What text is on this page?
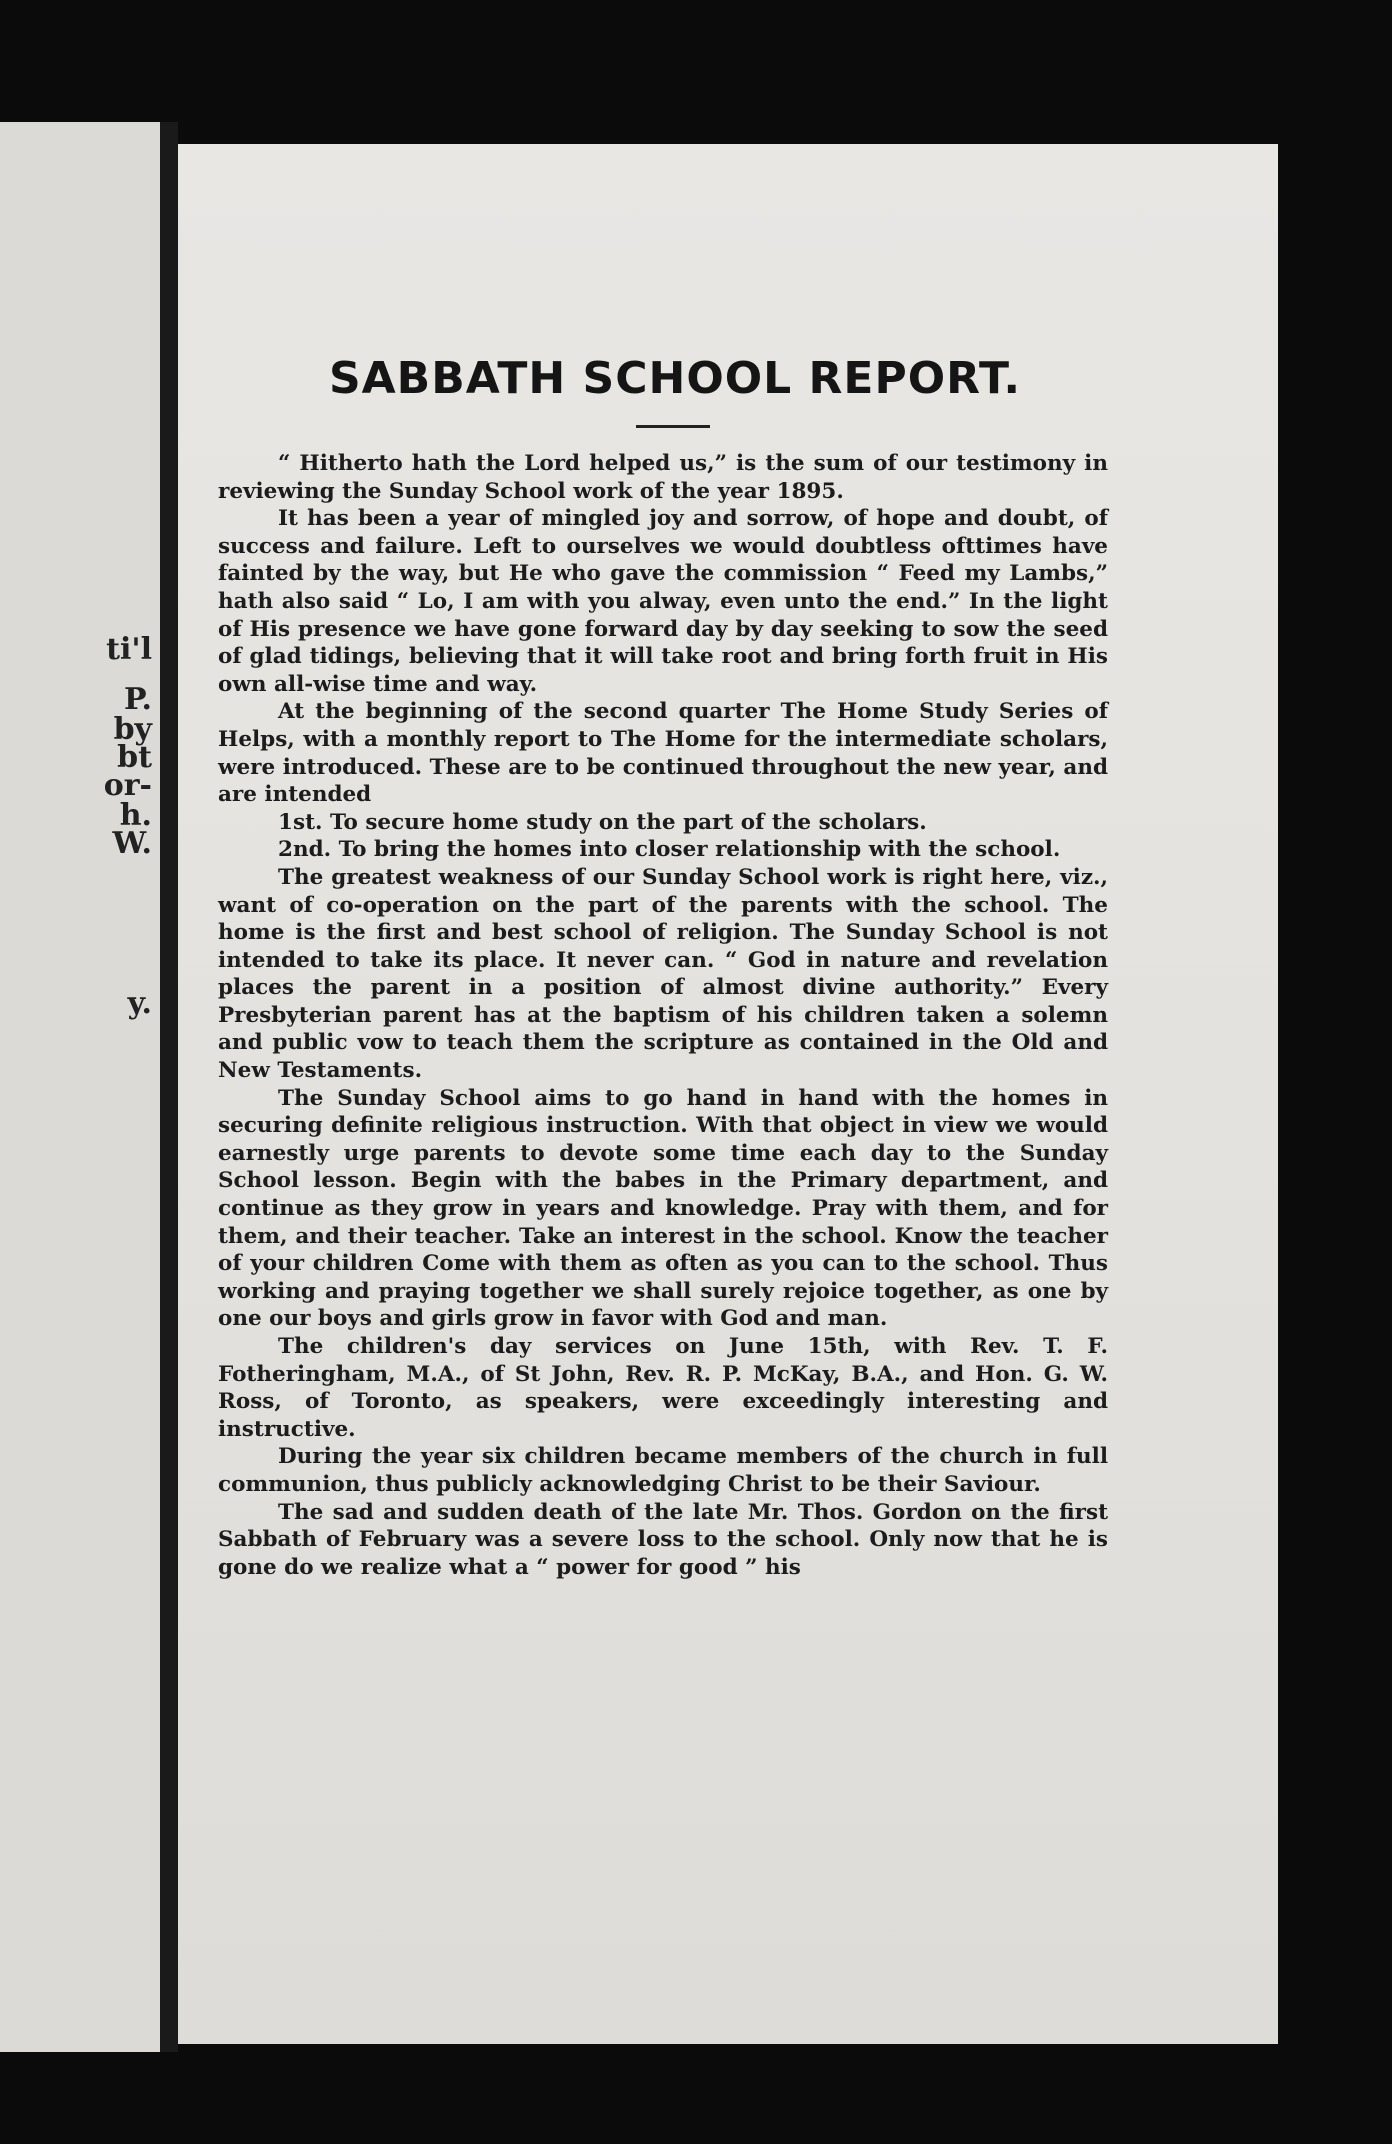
ti'l
P.
by
bt
or-
h.
W.
y.
SABBATH SCHOOL REPORT.

“ Hitherto hath the Lord helped us,” is the sum of our testimony in reviewing the Sunday School work of the year 1895.

It has been a year of mingled joy and sorrow, of hope and doubt, of success and failure. Left to ourselves we would doubtless ofttimes have fainted by the way, but He who gave the commission “ Feed my Lambs,” hath also said “ Lo, I am with you alway, even unto the end.” In the light of His presence we have gone forward day by day seeking to sow the seed of glad tidings, believing that it will take root and bring forth fruit in His own all-wise time and way.

At the beginning of the second quarter The Home Study Series of Helps, with a monthly report to The Home for the intermediate scholars, were introduced. These are to be continued throughout the new year, and are intended

1st. To secure home study on the part of the scholars.

2nd. To bring the homes into closer relationship with the school.

The greatest weakness of our Sunday School work is right here, viz., want of co-operation on the part of the parents with the school. The home is the first and best school of religion. The Sunday School is not intended to take its place. It never can. “ God in nature and revelation places the parent in a position of almost divine authority.” Every Presbyterian parent has at the baptism of his children taken a solemn and public vow to teach them the scripture as contained in the Old and New Testaments.

The Sunday School aims to go hand in hand with the homes in securing definite religious instruction. With that object in view we would earnestly urge parents to devote some time each day to the Sunday School lesson. Begin with the babes in the Primary department, and continue as they grow in years and knowledge. Pray with them, and for them, and their teacher. Take an interest in the school. Know the teacher of your children Come with them as often as you can to the school. Thus working and praying together we shall surely rejoice together, as one by one our boys and girls grow in favor with God and man.

The children's day services on June 15th, with Rev. T. F. Fotheringham, M.A., of St John, Rev. R. P. McKay, B.A., and Hon. G. W. Ross, of Toronto, as speakers, were exceedingly interesting and instructive.

During the year six children became members of the church in full communion, thus publicly acknowledging Christ to be their Saviour.

The sad and sudden death of the late Mr. Thos. Gordon on the first Sabbath of February was a severe loss to the school. Only now that he is gone do we realize what a “ power for good ” his
